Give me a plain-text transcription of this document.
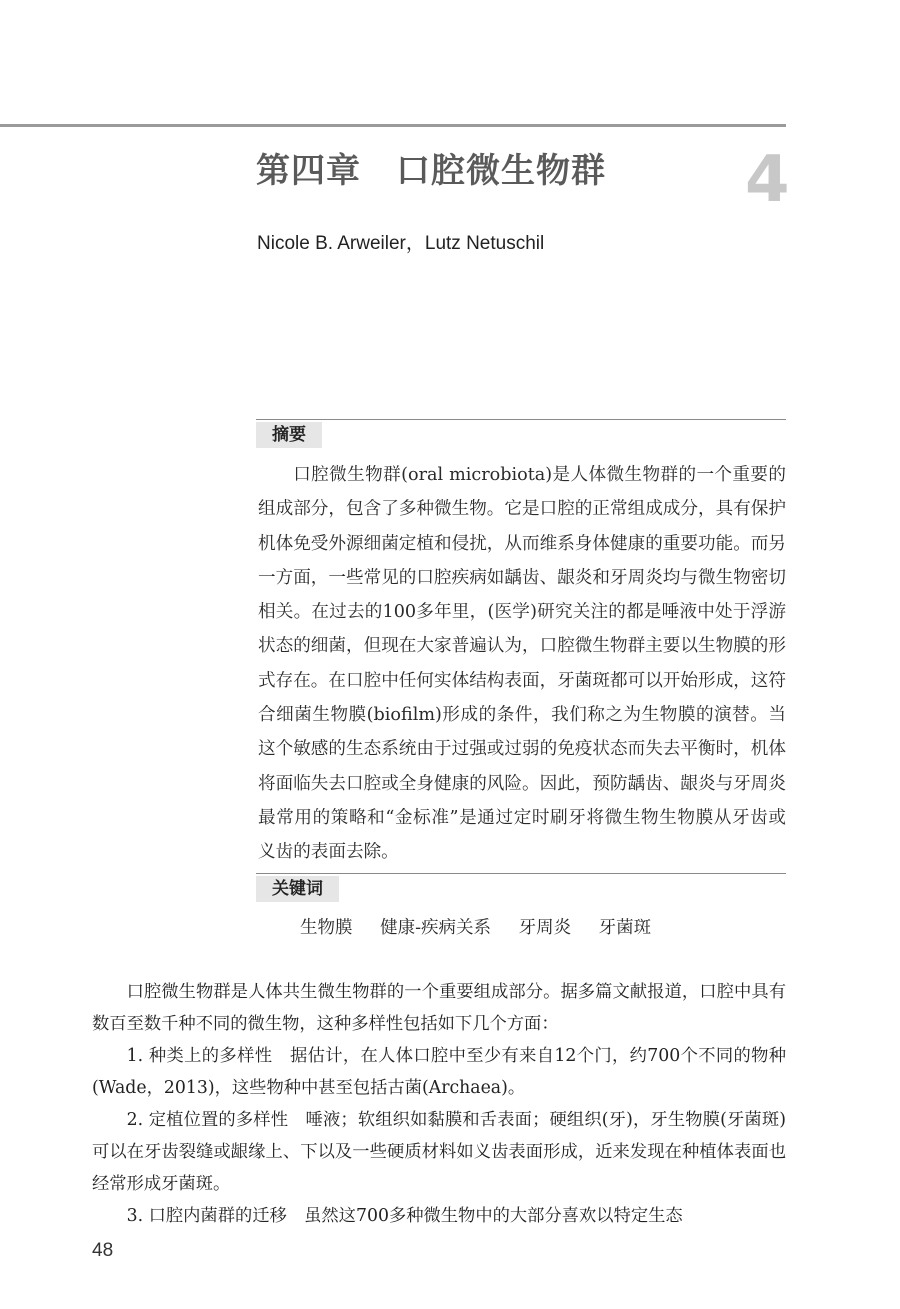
第四章　口腔微生物群 4
Nicole B. Arweiler，Lutz Netuschil
摘要

口腔微生物群(oral microbiota)是人体微生物群的一个重要的组成部分，包含了多种微生物。它是口腔的正常组成成分，具有保护机体免受外源细菌定植和侵扰，从而维系身体健康的重要功能。而另一方面，一些常见的口腔疾病如龋齿、龈炎和牙周炎均与微生物密切相关。在过去的100多年里，(医学)研究关注的都是唾液中处于浮游状态的细菌，但现在大家普遍认为，口腔微生物群主要以生物膜的形式存在。在口腔中任何实体结构表面，牙菌斑都可以开始形成，这符合细菌生物膜(biofilm)形成的条件，我们称之为生物膜的演替。当这个敏感的生态系统由于过强或过弱的免疫状态而失去平衡时，机体将面临失去口腔或全身健康的风险。因此，预防龋齿、龈炎与牙周炎最常用的策略和“金标准”是通过定时刷牙将微生物生物膜从牙齿或义齿的表面去除。

关键词
生物膜 健康-疾病关系 牙周炎 牙菌斑

口腔微生物群是人体共生微生物群的一个重要组成部分。据多篇文献报道，口腔中具有数百至数千种不同的微生物，这种多样性包括如下几个方面：

1. 种类上的多样性　据估计，在人体口腔中至少有来自12个门，约700个不同的物种(Wade，2013)，这些物种中甚至包括古菌(Archaea)。

2. 定植位置的多样性　唾液；软组织如黏膜和舌表面；硬组织(牙)，牙生物膜(牙菌斑)可以在牙齿裂缝或龈缘上、下以及一些硬质材料如义齿表面形成，近来发现在种植体表面也经常形成牙菌斑。

3. 口腔内菌群的迁移　虽然这700多种微生物中的大部分喜欢以特定生态

48
